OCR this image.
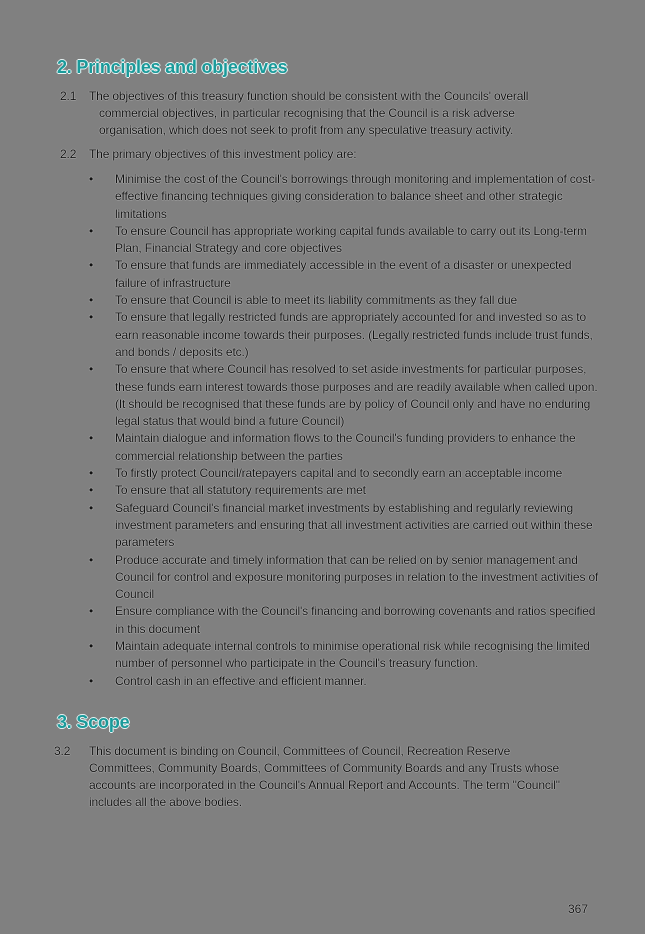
2. Principles and objectives
2.1 The objectives of this treasury function should be consistent with the Councils' overall
commercial objectives, in particular recognising that the Council is a risk adverse
organisation, which does not seek to profit from any speculative treasury activity.
2.2 The primary objectives of this investment policy are:
•	Minimise the cost of the Council's borrowings through monitoring and implementation of cost-effective financing techniques giving consideration to balance sheet and other strategic limitations
•	To ensure Council has appropriate working capital funds available to carry out its Long-term Plan, Financial Strategy and core objectives
•	To ensure that funds are immediately accessible in the event of a disaster or unexpected failure of infrastructure
•	To ensure that Council is able to meet its liability commitments as they fall due
•	To ensure that legally restricted funds are appropriately accounted for and invested so as to earn reasonable income towards their purposes. (Legally restricted funds include trust funds, and bonds / deposits etc.)
•	To ensure that where Council has resolved to set aside investments for particular purposes, these funds earn interest towards those purposes and are readily available when called upon. (It should be recognised that these funds are by policy of Council only and have no enduring legal status that would bind a future Council)
•	Maintain dialogue and information flows to the Council's funding providers to enhance the commercial relationship between the parties
•	To firstly protect Council/ratepayers capital and to secondly earn an acceptable income
•	To ensure that all statutory requirements are met
•	Safeguard Council's financial market investments by establishing and regularly reviewing investment parameters and ensuring that all investment activities are carried out within these parameters
•	Produce accurate and timely information that can be relied on by senior management and Council for control and exposure monitoring purposes in relation to the investment activities of Council
•	Ensure compliance with the Council's financing and borrowing covenants and ratios specified in this document
•	Maintain adequate internal controls to minimise operational risk while recognising the limited number of personnel who participate in the Council's treasury function.
•	Control cash in an effective and efficient manner.
3. Scope
3.2 This document is binding on Council, Committees of Council, Recreation Reserve Committees, Community Boards, Committees of Community Boards and any Trusts whose accounts are incorporated in the Council's Annual Report and Accounts. The term "Council" includes all the above bodies.
367
